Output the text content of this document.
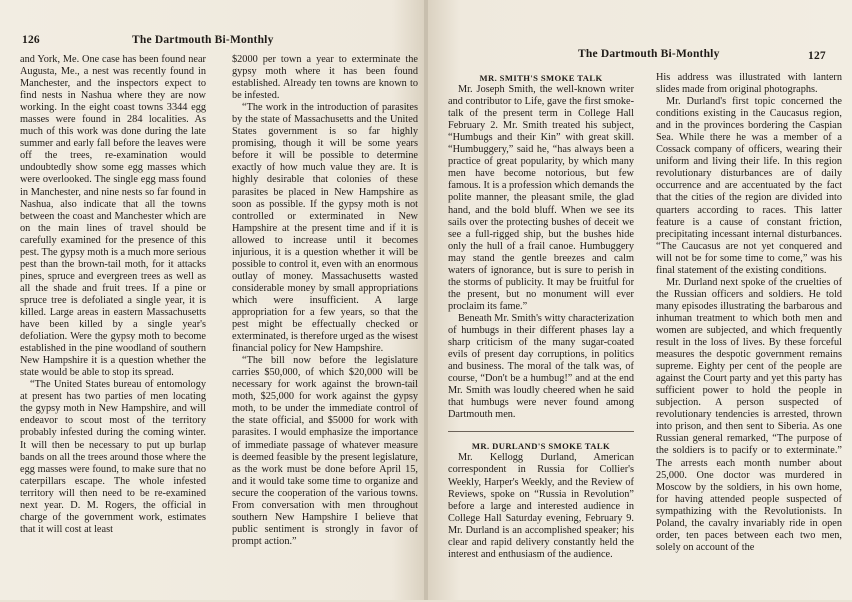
126	The Dartmouth Bi-Monthly

and York, Me. One case has been found near Augusta, Me., a nest was recently found in Manchester, and the inspectors expect to find nests in Nashua where they are now working. In the eight coast towns 3344 egg masses were found in 284 localities. As much of this work was done during the late summer and early fall before the leaves were off the trees, re-examination would undoubtedly show some egg masses which were overlooked. The single egg mass found in Manchester, and nine nests so far found in Nashua, also indicate that all the towns between the coast and Manchester which are on the main lines of travel should be carefully examined for the presence of this pest. The gypsy moth is a much more serious pest than the brown-tail moth, for it attacks pines, spruce and evergreen trees as well as all the shade and fruit trees. If a pine or spruce tree is defoliated a single year, it is killed. Large areas in eastern Massachusetts have been killed by a single year's defoliation. Were the gypsy moth to become established in the pine woodland of southern New Hampshire it is a question whether the state would be able to stop its spread.

“The United States bureau of entomology at present has two parties of men locating the gypsy moth in New Hampshire, and will endeavor to scout most of the territory probably infested during the coming winter. It will then be necessary to put up burlap bands on all the trees around those where the egg masses were found, to make sure that no caterpillars escape. The whole infested territory will then need to be re-examined next year. D. M. Rogers, the official in charge of the government work, estimates that it will cost at least

$2000 per town a year to exterminate the gypsy moth where it has been found established. Already ten towns are known to be infested.

“The work in the introduction of parasites by the state of Massachusetts and the United States government is so far highly promising, though it will be some years before it will be possible to determine exactly of how much value they are. It is highly desirable that colonies of these parasites be placed in New Hampshire as soon as possible. If the gypsy moth is not controlled or exterminated in New Hampshire at the present time and if it is allowed to increase until it becomes injurious, it is a question whether it will be possible to control it, even with an enormous outlay of money. Massachusetts wasted considerable money by small appropriations which were insufficient. A large appropriation for a few years, so that the pest might be effectually checked or exterminated, is therefore urged as the wisest financial policy for New Hampshire.

“The bill now before the legislature carries $50,000, of which $20,000 will be necessary for work against the brown-tail moth, $25,000 for work against the gypsy moth, to be under the immediate control of the state official, and $5000 for work with parasites. I would emphasize the importance of immediate passage of whatever measure is deemed feasible by the present legislature, as the work must be done before April 15, and it would take some time to organize and secure the cooperation of the various towns. From conversation with men throughout southern New Hampshire I believe that public sentiment is strongly in favor of prompt action.”

The Dartmouth Bi-Monthly	127

MR. SMITH'S SMOKE TALK

Mr. Joseph Smith, the well-known writer and contributor to Life, gave the first smoke-talk of the present term in College Hall February 2. Mr. Smith treated his subject, “Humbugs and their Kin” with great skill. “Humbuggery,” said he, “has always been a practice of great popularity, by which many men have become notorious, but few famous. It is a profession which demands the polite manner, the pleasant smile, the glad hand, and the bold bluff. When we see its sails over the protecting bushes of deceit we see a full-rigged ship, but the bushes hide only the hull of a frail canoe. Humbuggery may stand the gentle breezes and calm waters of ignorance, but is sure to perish in the storms of publicity. It may be fruitful for the present, but no monument will ever proclaim its fame.”

Beneath Mr. Smith's witty characterization of humbugs in their different phases lay a sharp criticism of the many sugar-coated evils of present day corruptions, in politics and business. The moral of the talk was, of course, “Don't be a humbug!” and at the end Mr. Smith was loudly cheered when he said that humbugs were never found among Dartmouth men.

MR. DURLAND'S SMOKE TALK

Mr. Kellogg Durland, American correspondent in Russia for Collier's Weekly, Harper's Weekly, and the Review of Reviews, spoke on “Russia in Revolution” before a large and interested audience in College Hall Saturday evening, February 9. Mr. Durland is an accomplished speaker; his clear and rapid delivery constantly held the interest and enthusiasm of the audience.

His address was illustrated with lantern slides made from original photographs.

Mr. Durland's first topic concerned the conditions existing in the Caucasus region, and in the provinces bordering the Caspian Sea. While there he was a member of a Cossack company of officers, wearing their uniform and living their life. In this region revolutionary disturbances are of daily occurrence and are accentuated by the fact that the cities of the region are divided into quarters according to races. This latter feature is a cause of constant friction, precipitating incessant internal disturbances. “The Caucasus are not yet conquered and will not be for some time to come,” was his final statement of the existing conditions.

Mr. Durland next spoke of the cruelties of the Russian officers and soldiers. He told many episodes illustrating the barbarous and inhuman treatment to which both men and women are subjected, and which frequently result in the loss of lives. By these forceful measures the despotic government remains supreme. Eighty per cent of the people are against the Court party and yet this party has sufficient power to hold the people in subjection. A person suspected of revolutionary tendencies is arrested, thrown into prison, and then sent to Siberia. As one Russian general remarked, “The purpose of the soldiers is to pacify or to exterminate.” The arrests each month number about 25,000. One doctor was murdered in Moscow by the soldiers, in his own home, for having attended people suspected of sympathizing with the Revolutionists. In Poland, the cavalry invariably ride in open order, ten paces between each two men, solely on account of the
